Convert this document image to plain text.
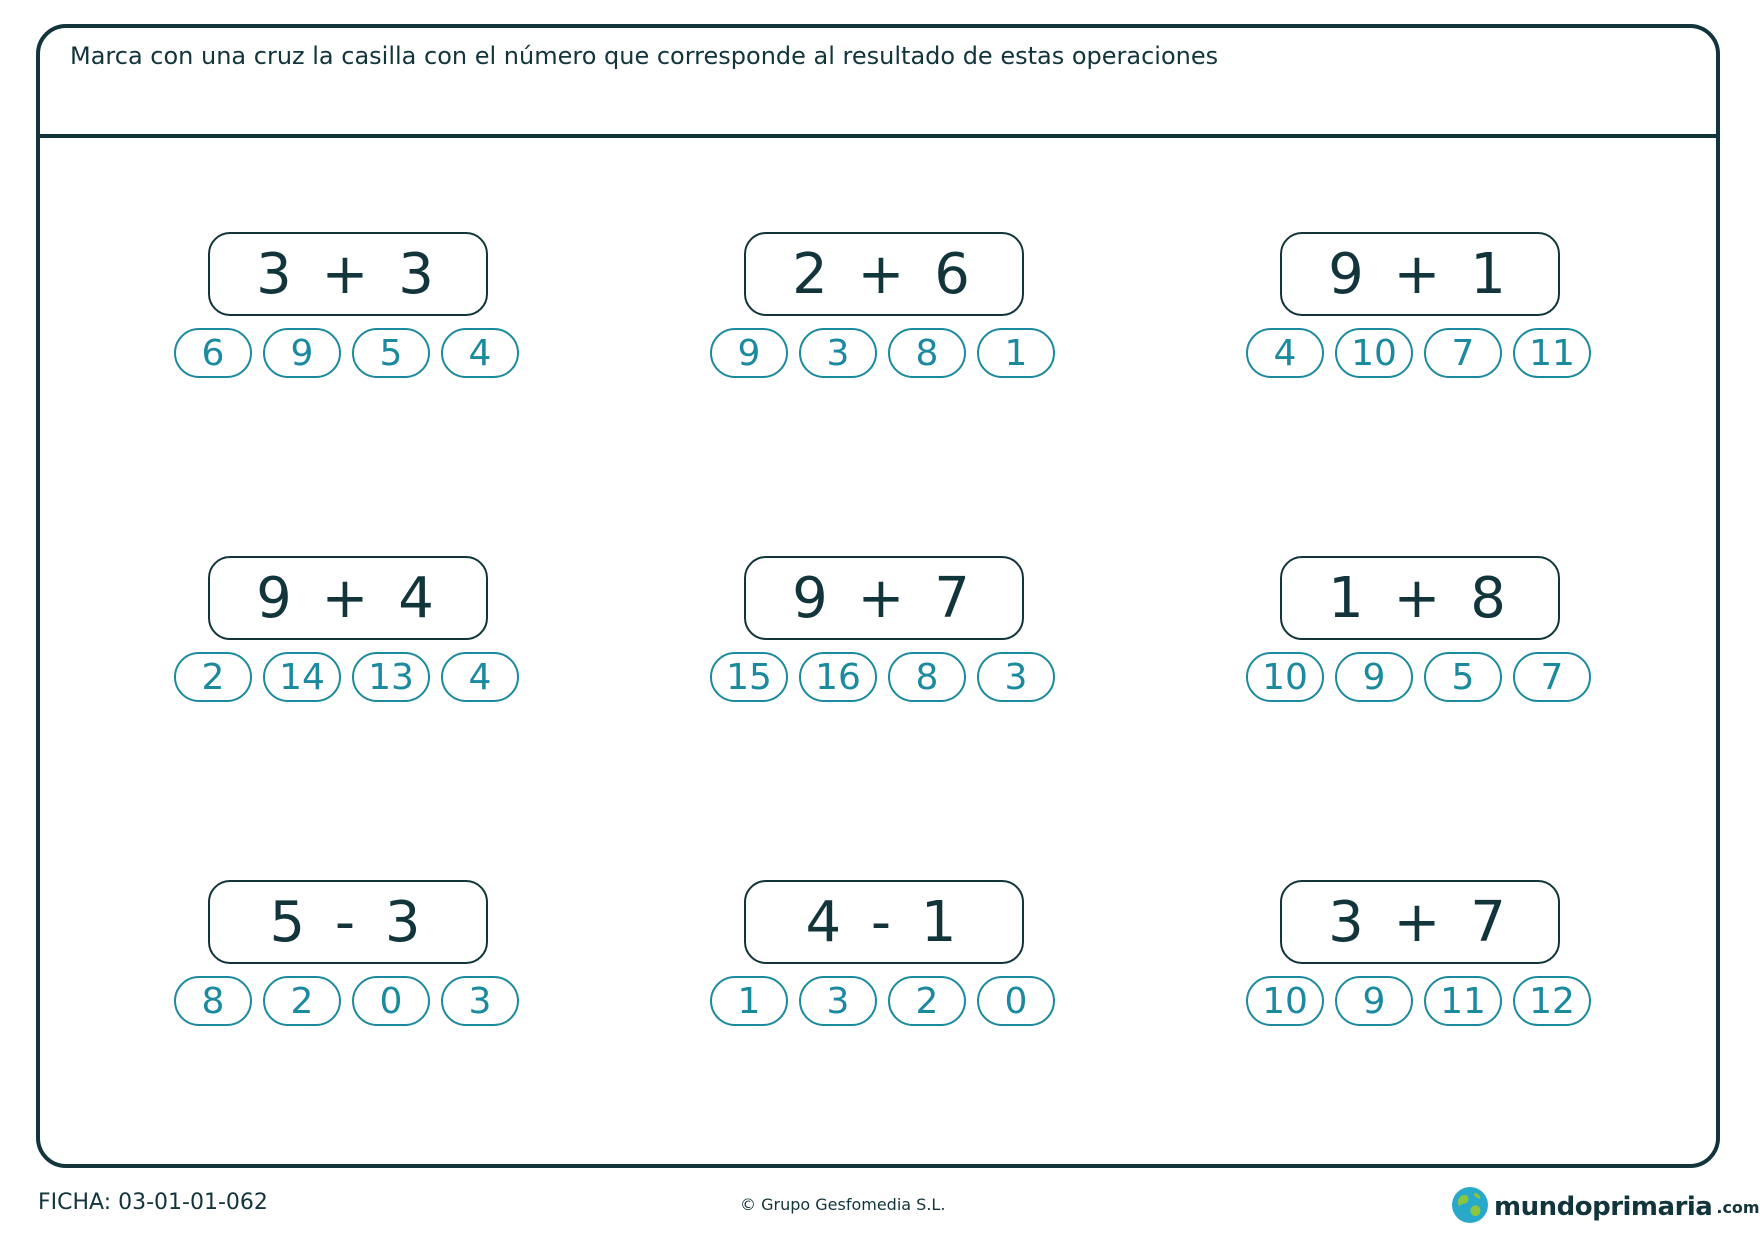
Marca con una cruz la casilla con el número que corresponde al resultado de estas operaciones
3 + 3
6	9	5	4
2 + 6
9	3	8	1
9 + 1
4	10	7	11
9 + 4
2	14	13	4
9 + 7
15	16	8	3
1 + 8
10	9	5	7
5 - 3
8	2	0	3
4 - 1
1	3	2	0
3 + 7
10	9	11	12
FICHA: 03-01-01-062	© Grupo Gesfomedia S.L.	mundoprimaria .com
